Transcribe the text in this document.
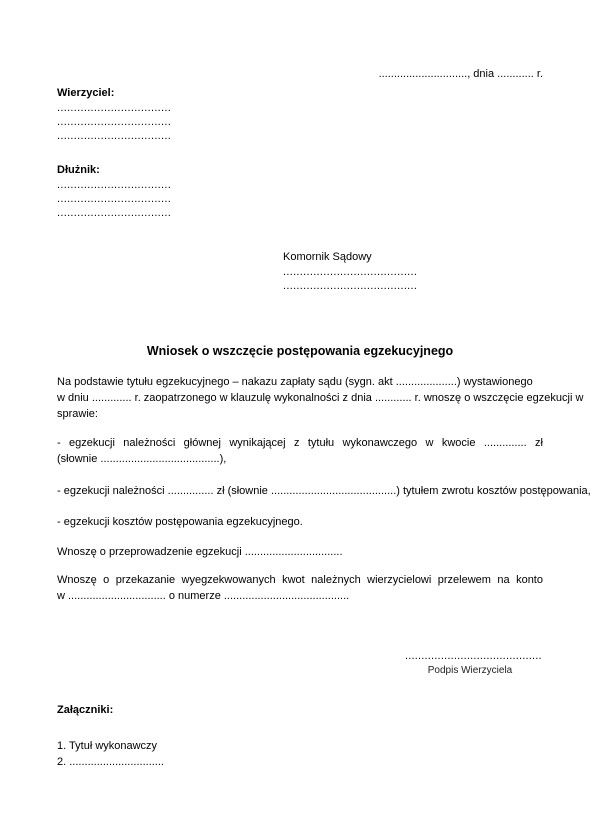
............................., dnia ............ r.
Wierzyciel:
..................................
..................................
..................................
Dłużnik:
..................................
..................................
..................................
Komornik Sądowy
........................................
........................................
Wniosek o wszczęcie postępowania egzekucyjnego
Na podstawie tytułu egzekucyjnego – nakazu zapłaty sądu (sygn. akt ....................) wystawionego
w dniu ............. r. zaopatrzonego w klauzulę wykonalności z dnia ............ r. wnoszę o wszczęcie egzekucji w
sprawie:
- egzekucji należności głównej wynikającej z tytułu wykonawczego w kwocie .............. zł
(słownie .......................................),
- egzekucji należności ............... zł (słownie .........................................) tytułem zwrotu kosztów postępowania,
- egzekucji kosztów postępowania egzekucyjnego.
Wnoszę o przeprowadzenie egzekucji ................................
Wnoszę o przekazanie wyegzekwowanych kwot należnych wierzycielowi przelewem na konto
w ................................ o numerze .........................................
..........................................
Podpis Wierzyciela
Załączniki:
1. Tytuł wykonawczy
2. ...............................
